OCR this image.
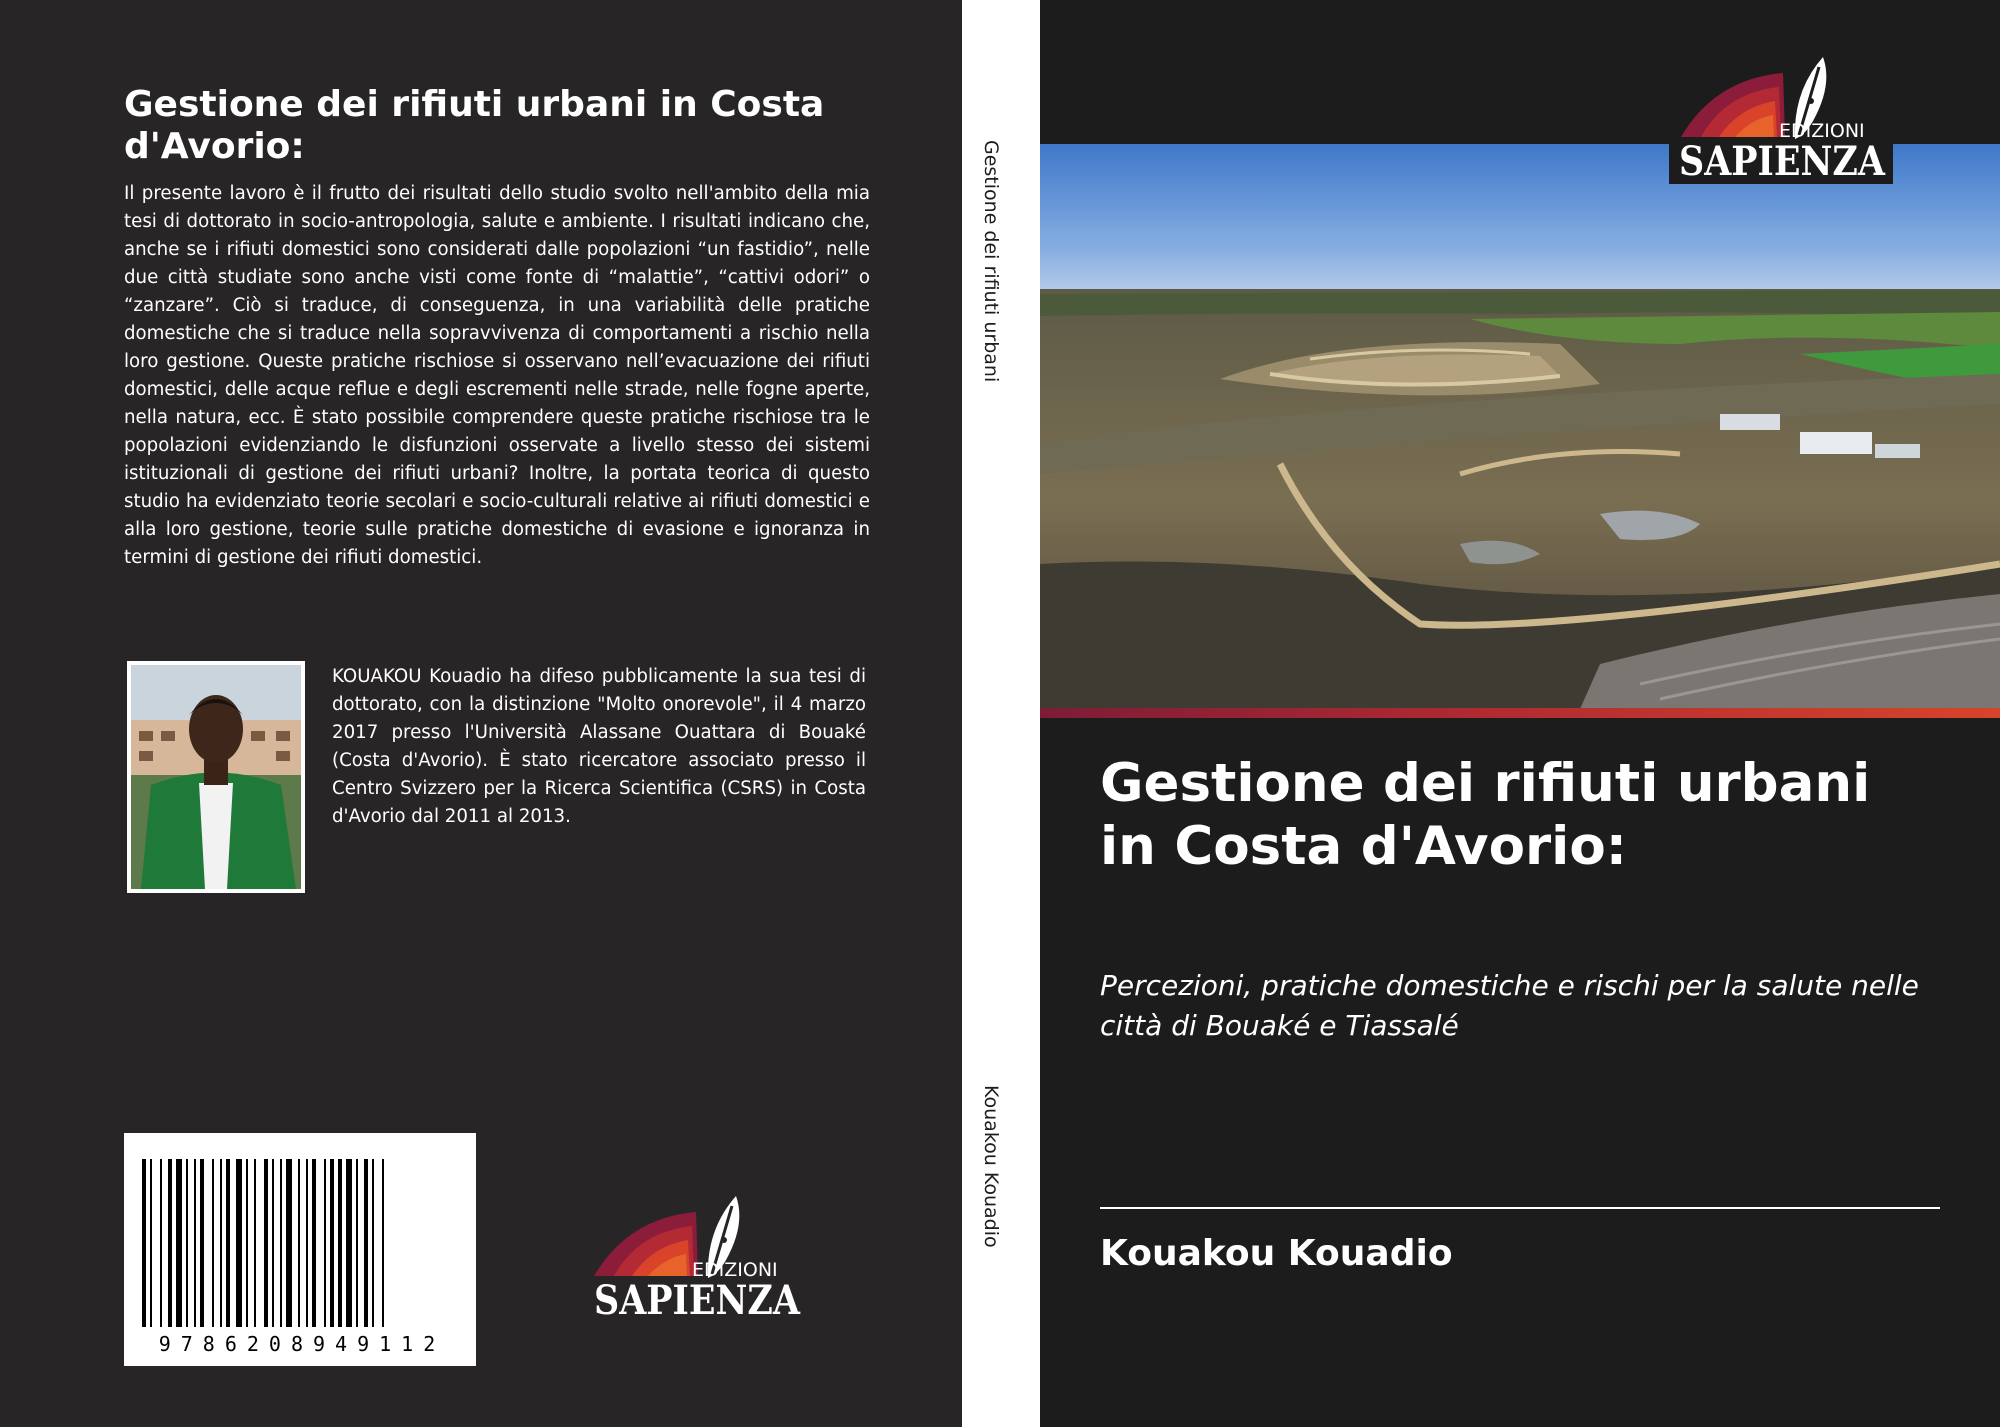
Gestione dei rifiuti urbani in Costa d'Avorio:

Il presente lavoro è il frutto dei risultati dello studio svolto nell'ambito della mia tesi di dottorato in socio-antropologia, salute e ambiente. I risultati indicano che, anche se i rifiuti domestici sono considerati dalle popolazioni “un fastidio”, nelle due città studiate sono anche visti come fonte di “malattie”, “cattivi odori” o “zanzare”. Ciò si traduce, di conseguenza, in una variabilità delle pratiche domestiche che si traduce nella sopravvivenza di comportamenti a rischio nella loro gestione. Queste pratiche rischiose si osservano nell’evacuazione dei rifiuti domestici, delle acque reflue e degli escrementi nelle strade, nelle fogne aperte, nella natura, ecc. È stato possibile comprendere queste pratiche rischiose tra le popolazioni evidenziando le disfunzioni osservate a livello stesso dei sistemi istituzionali di gestione dei rifiuti urbani? Inoltre, la portata teorica di questo studio ha evidenziato teorie secolari e socio-culturali relative ai rifiuti domestici e alla loro gestione, teorie sulle pratiche domestiche di evasione e ignoranza in termini di gestione dei rifiuti domestici.

KOUAKOU Kouadio ha difeso pubblicamente la sua tesi di dottorato, con la distinzione "Molto onorevole", il 4 marzo 2017 presso l'Università Alassane Ouattara di Bouaké (Costa d'Avorio). È stato ricercatore associato presso il Centro Svizzero per la Ricerca Scientifica (CSRS) in Costa d'Avorio dal 2011 al 2013.

9786208949112
EDIZIONI
SAPIENZA
Gestione dei rifiuti urbani
Kouakou Kouadio
EDIZIONI
SAPIENZA
Gestione dei rifiuti urbani in Costa d'Avorio:

Percezioni, pratiche domestiche e rischi per la salute nelle città di Bouaké e Tiassalé

Kouakou Kouadio
